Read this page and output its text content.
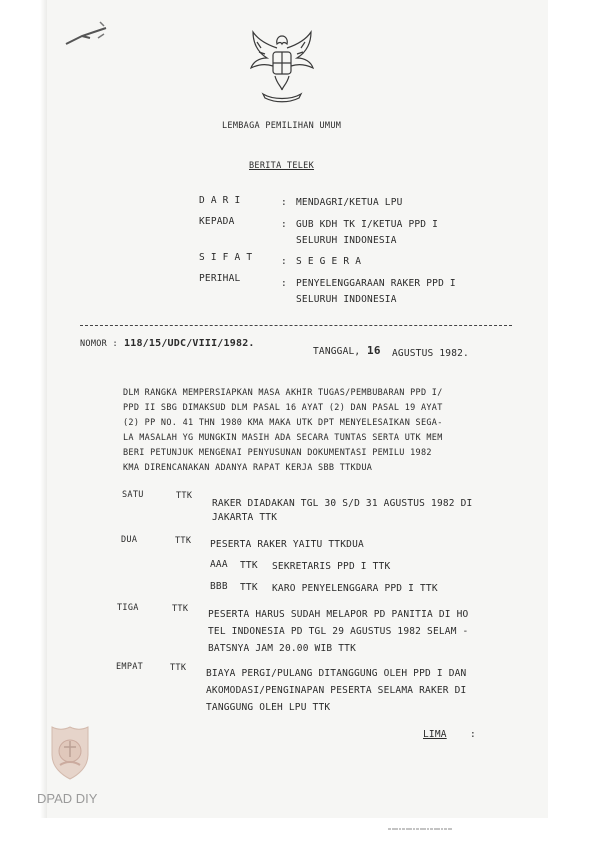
LEMBAGA PEMILIHAN UMUM
BERITA TELEK
D A R I	: MENDAGRI/KETUA LPU
KEPADA	: GUB KDH TK I/KETUA PPD I
SELURUH INDONESIA
S I F A T	: S E G E R A
PERIHAL	: PENYELENGGARAAN RAKER PPD I
SELURUH INDONESIA
NOMOR : 118/15/UDC/VIII/1982.
TANGGAL, 16 AGUSTUS 1982.
DLM RANGKA MEMPERSIAPKAN MASA AKHIR TUGAS/PEMBUBARAN PPD I/
PPD II SBG DIMAKSUD DLM PASAL 16 AYAT (2) DAN PASAL 19 AYAT
(2) PP NO. 41 THN 1980 KMA MAKA UTK DPT MENYELESAIKAN SEGA-
LA MASALAH YG MUNGKIN MASIH ADA SECARA TUNTAS SERTA UTK MEM
BERI PETUNJUK MENGENAI PENYUSUNAN DOKUMENTASI PEMILU 1982
KMA DIRENCANAKAN ADANYA RAPAT KERJA SBB TTKDUA
SATU	TTK
RAKER DIADAKAN TGL 30 S/D 31 AGUSTUS 1982 DI
JAKARTA TTK
DUA	TTK PESERTA RAKER YAITU TTKDUA
AAA TTK SEKRETARIS PPD I TTK
BBB TTK KARO PENYELENGGARA PPD I TTK
TIGA	TTK PESERTA HARUS SUDAH MELAPOR PD PANITIA DI HO
TEL INDONESIA PD TGL 29 AGUSTUS 1982 SELAM -
BATSNYA JAM 20.00 WIB TTK
EMPAT	TTK BIAYA PERGI/PULANG DITANGGUNG OLEH PPD I DAN
AKOMODASI/PENGINAPAN PESERTA SELAMA RAKER DI
TANGGUNG OLEH LPU TTK
LIMA :
DPAD DIY
